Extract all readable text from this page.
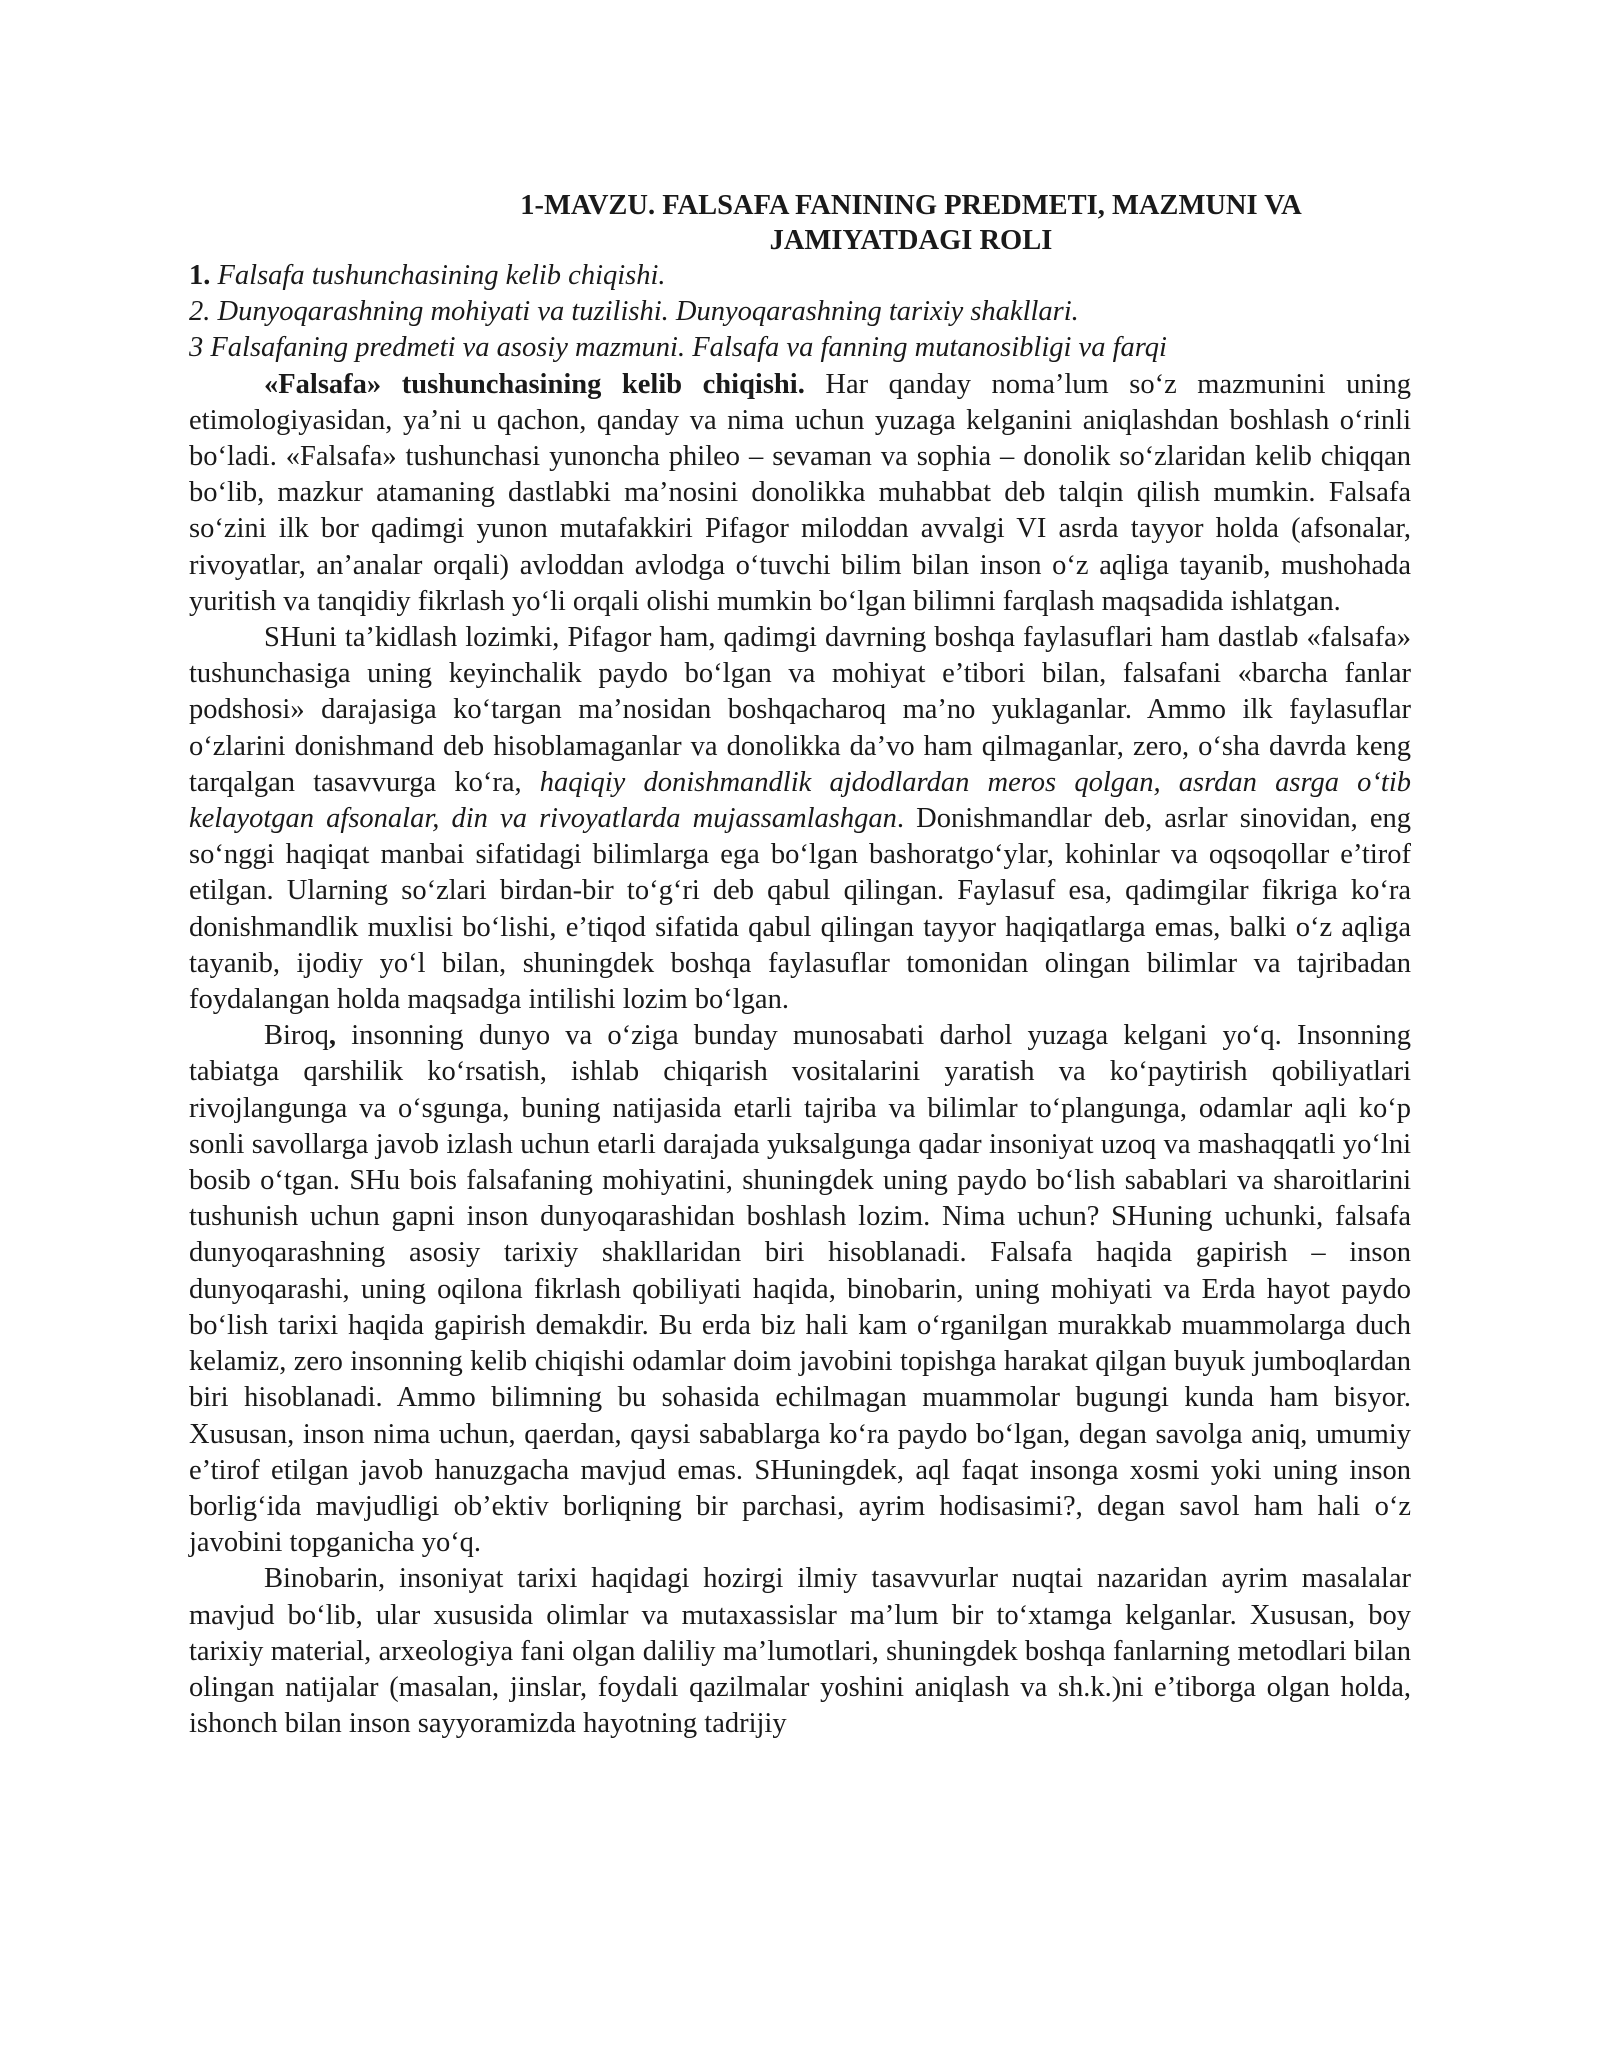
1-MAVZU. FALSAFA FANINING PREDMETI, MAZMUNI VA
JAMIYATDAGI ROLI
1. Falsafa tushunchasining kelib chiqishi.
2. Dunyoqarashning mohiyati va tuzilishi. Dunyoqarashning tarixiy shakllari.
3 Falsafaning predmeti va asosiy mazmuni. Falsafa va fanning mutanosibligi va farqi

«Falsafa» tushunchasining kelib chiqishi. Har qanday noma’lum so‘z mazmunini uning etimologiyasidan, ya’ni u qachon, qanday va nima uchun yuzaga kelganini aniqlashdan boshlash o‘rinli bo‘ladi. «Falsafa» tushunchasi yunoncha phileo – sevaman va sophia – donolik so‘zlaridan kelib chiqqan bo‘lib, mazkur atamaning dastlabki ma’nosini donolikka muhabbat deb talqin qilish mumkin. Falsafa so‘zini ilk bor qadimgi yunon mutafakkiri Pifagor miloddan avvalgi VI asrda tayyor holda (afsonalar, rivoyatlar, an’analar orqali) avloddan avlodga o‘tuvchi bilim bilan inson o‘z aqliga tayanib, mushohada yuritish va tanqidiy fikrlash yo‘li orqali olishi mumkin bo‘lgan bilimni farqlash maqsadida ishlatgan.

SHuni ta’kidlash lozimki, Pifagor ham, qadimgi davrning boshqa faylasuflari ham dastlab «falsafa» tushunchasiga uning keyinchalik paydo bo‘lgan va mohiyat e’tibori bilan, falsafani «barcha fanlar podshosi» darajasiga ko‘targan ma’nosidan boshqacharoq ma’no yuklaganlar. Ammo ilk faylasuflar o‘zlarini donishmand deb hisoblamaganlar va donolikka da’vo ham qilmaganlar, zero, o‘sha davrda keng tarqalgan tasavvurga ko‘ra, haqiqiy donishmandlik ajdodlardan meros qolgan, asrdan asrga o‘tib kelayotgan afsonalar, din va rivoyatlarda mujassamlashgan. Donishmandlar deb, asrlar sinovidan, eng so‘nggi haqiqat manbai sifatidagi bilimlarga ega bo‘lgan bashoratgo‘ylar, kohinlar va oqsoqollar e’tirof etilgan. Ularning so‘zlari birdan-bir to‘g‘ri deb qabul qilingan. Faylasuf esa, qadimgilar fikriga ko‘ra donishmandlik muxlisi bo‘lishi, e’tiqod sifatida qabul qilingan tayyor haqiqatlarga emas, balki o‘z aqliga tayanib, ijodiy yo‘l bilan, shuningdek boshqa faylasuflar tomonidan olingan bilimlar va tajribadan foydalangan holda maqsadga intilishi lozim bo‘lgan.

Biroq, insonning dunyo va o‘ziga bunday munosabati darhol yuzaga kelgani yo‘q. Insonning tabiatga qarshilik ko‘rsatish, ishlab chiqarish vositalarini yaratish va ko‘paytirish qobiliyatlari rivojlangunga va o‘sgunga, buning natijasida etarli tajriba va bilimlar to‘plangunga, odamlar aqli ko‘p sonli savollarga javob izlash uchun etarli darajada yuksalgunga qadar insoniyat uzoq va mashaqqatli yo‘lni bosib o‘tgan. SHu bois falsafaning mohiyatini, shuningdek uning paydo bo‘lish sabablari va sharoitlarini tushunish uchun gapni inson dunyoqarashidan boshlash lozim. Nima uchun? SHuning uchunki, falsafa dunyoqarashning asosiy tarixiy shakllaridan biri hisoblanadi. Falsafa haqida gapirish – inson dunyoqarashi, uning oqilona fikrlash qobiliyati haqida, binobarin, uning mohiyati va Erda hayot paydo bo‘lish tarixi haqida gapirish demakdir. Bu erda biz hali kam o‘rganilgan murakkab muammolarga duch kelamiz, zero insonning kelib chiqishi odamlar doim javobini topishga harakat qilgan buyuk jumboqlardan biri hisoblanadi. Ammo bilimning bu sohasida echilmagan muammolar bugungi kunda ham bisyor. Xususan, inson nima uchun, qaerdan, qaysi sabablarga ko‘ra paydo bo‘lgan, degan savolga aniq, umumiy e’tirof etilgan javob hanuzgacha mavjud emas. SHuningdek, aql faqat insonga xosmi yoki uning inson borlig‘ida mavjudligi ob’ektiv borliqning bir parchasi, ayrim hodisasimi?, degan savol ham hali o‘z javobini topganicha yo‘q.

Binobarin, insoniyat tarixi haqidagi hozirgi ilmiy tasavvurlar nuqtai nazaridan ayrim masalalar mavjud bo‘lib, ular xususida olimlar va mutaxassislar ma’lum bir to‘xtamga kelganlar. Xususan, boy tarixiy material, arxeologiya fani olgan daliliy ma’lumotlari, shuningdek boshqa fanlarning metodlari bilan olingan natijalar (masalan, jinslar, foydali qazilmalar yoshini aniqlash va sh.k.)ni e’tiborga olgan holda, ishonch bilan inson sayyoramizda hayotning tadrijiy
